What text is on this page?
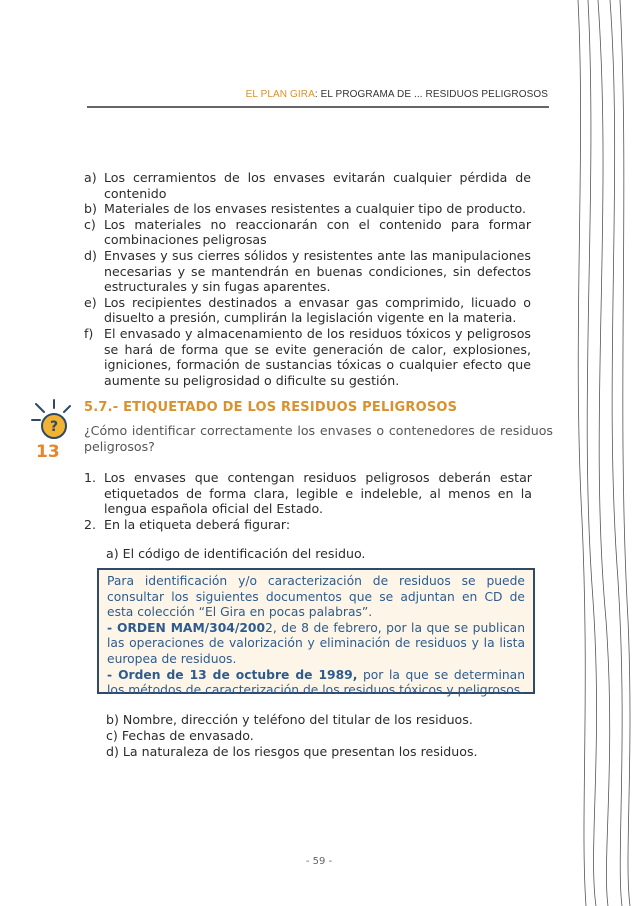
EL PLAN GIRA: EL PROGRAMA DE ... RESIDUOS PELIGROSOS

a) Los cerramientos de los envases evitarán cualquier pérdida de contenido

b) Materiales de los envases resistentes a cualquier tipo de producto.

c) Los materiales no reaccionarán con el contenido para formar combinaciones peligrosas

d) Envases y sus cierres sólidos y resistentes ante las manipulaciones necesarias y se mantendrán en buenas condiciones, sin defectos estructurales y sin fugas aparentes.

e) Los recipientes destinados a envasar gas comprimido, licuado o disuelto a presión, cumplirán la legislación vigente en la materia.

f) El envasado y almacenamiento de los residuos tóxicos y peligrosos se hará de forma que se evite generación de calor, explosiones, igniciones, formación de sustancias tóxicas o cualquier efecto que aumente su peligrosidad o dificulte su gestión.

?
13
5.7.- ETIQUETADO DE LOS RESIDUOS PELIGROSOS
¿Cómo identificar correctamente los envases o contenedores de residuos peligrosos?

1. Los envases que contengan residuos peligrosos deberán estar etiquetados de forma clara, legible e indeleble, al menos en la lengua española oficial del Estado.

2. En la etiqueta deberá figurar:

a) El código de identificación del residuo.
Para identificación y/o caracterización de residuos se puede consultar los siguientes documentos que se adjuntan en CD de esta colección “El Gira en pocas palabras”.
- ORDEN MAM/304/2002, de 8 de febrero, por la que se publican las operaciones de valorización y eliminación de residuos y la lista europea de residuos.
- Orden de 13 de octubre de 1989, por la que se determinan los métodos de caracterización de los residuos tóxicos y peligrosos.
b) Nombre, dirección y teléfono del titular de los residuos.
c) Fechas de envasado.
d) La naturaleza de los riesgos que presentan los residuos.
- 59 -
